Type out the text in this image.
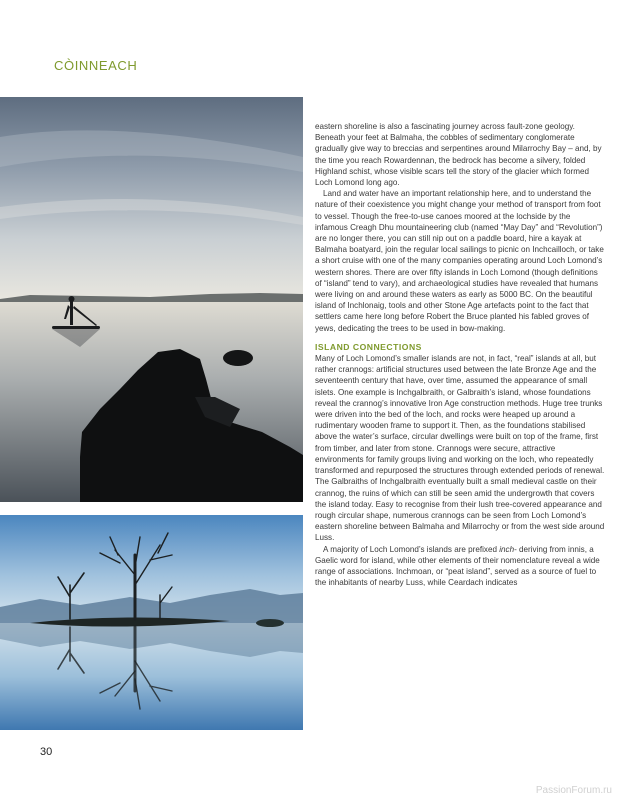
CÒINNEACH

eastern shoreline is also a fascinating journey across fault-zone geology. Beneath your feet at Balmaha, the cobbles of sedimentary conglomerate gradually give way to breccias and serpentines around Milarrochy Bay – and, by the time you reach Rowardennan, the bedrock has become a silvery, folded Highland schist, whose visible scars tell the story of the glacier which formed Loch Lomond long ago.

Land and water have an important relationship here, and to understand the nature of their coexistence you might change your method of transport from foot to vessel. Though the free-to-use canoes moored at the lochside by the infamous Creagh Dhu mountaineering club (named “May Day” and “Revolution”) are no longer there, you can still nip out on a paddle board, hire a kayak at Balmaha boatyard, join the regular local sailings to picnic on Inchcailloch, or take a short cruise with one of the many companies operating around Loch Lomond’s western shores. There are over fifty islands in Loch Lomond (though definitions of “island” tend to vary), and archaeological studies have revealed that humans were living on and around these waters as early as 5000 BC. On the beautiful island of Inchlonaig, tools and other Stone Age artefacts point to the fact that settlers came here long before Robert the Bruce planted his fabled groves of yews, dedicating the trees to be used in bow-making.

ISLAND CONNECTIONS

Many of Loch Lomond’s smaller islands are not, in fact, “real” islands at all, but rather crannogs: artificial structures used between the late Bronze Age and the seventeenth century that have, over time, assumed the appearance of small islets. One example is Inchgalbraith, or Galbraith’s island, whose foundations reveal the crannog’s innovative Iron Age construction methods. Huge tree trunks were driven into the bed of the loch, and rocks were heaped up around a rudimentary wooden frame to support it. Then, as the foundations stabilised above the water’s surface, circular dwellings were built on top of the frame, first from timber, and later from stone. Crannogs were secure, attractive environments for family groups living and working on the loch, who repeatedly transformed and repurposed the structures through extended periods of renewal. The Galbraiths of Inchgalbraith eventually built a small medieval castle on their crannog, the ruins of which can still be seen amid the undergrowth that covers the island today. Easy to recognise from their lush tree-covered appearance and rough circular shape, numerous crannogs can be seen from Loch Lomond’s eastern shoreline between Balmaha and Milarrochy or from the west side around Luss.

A majority of Loch Lomond’s islands are prefixed inch- deriving from innis, a Gaelic word for island, while other elements of their nomenclature reveal a wide range of associations. Inchmoan, or “peat island”, served as a source of fuel to the inhabitants of nearby Luss, while Ceardach indicates

30
PassionForum.ru
